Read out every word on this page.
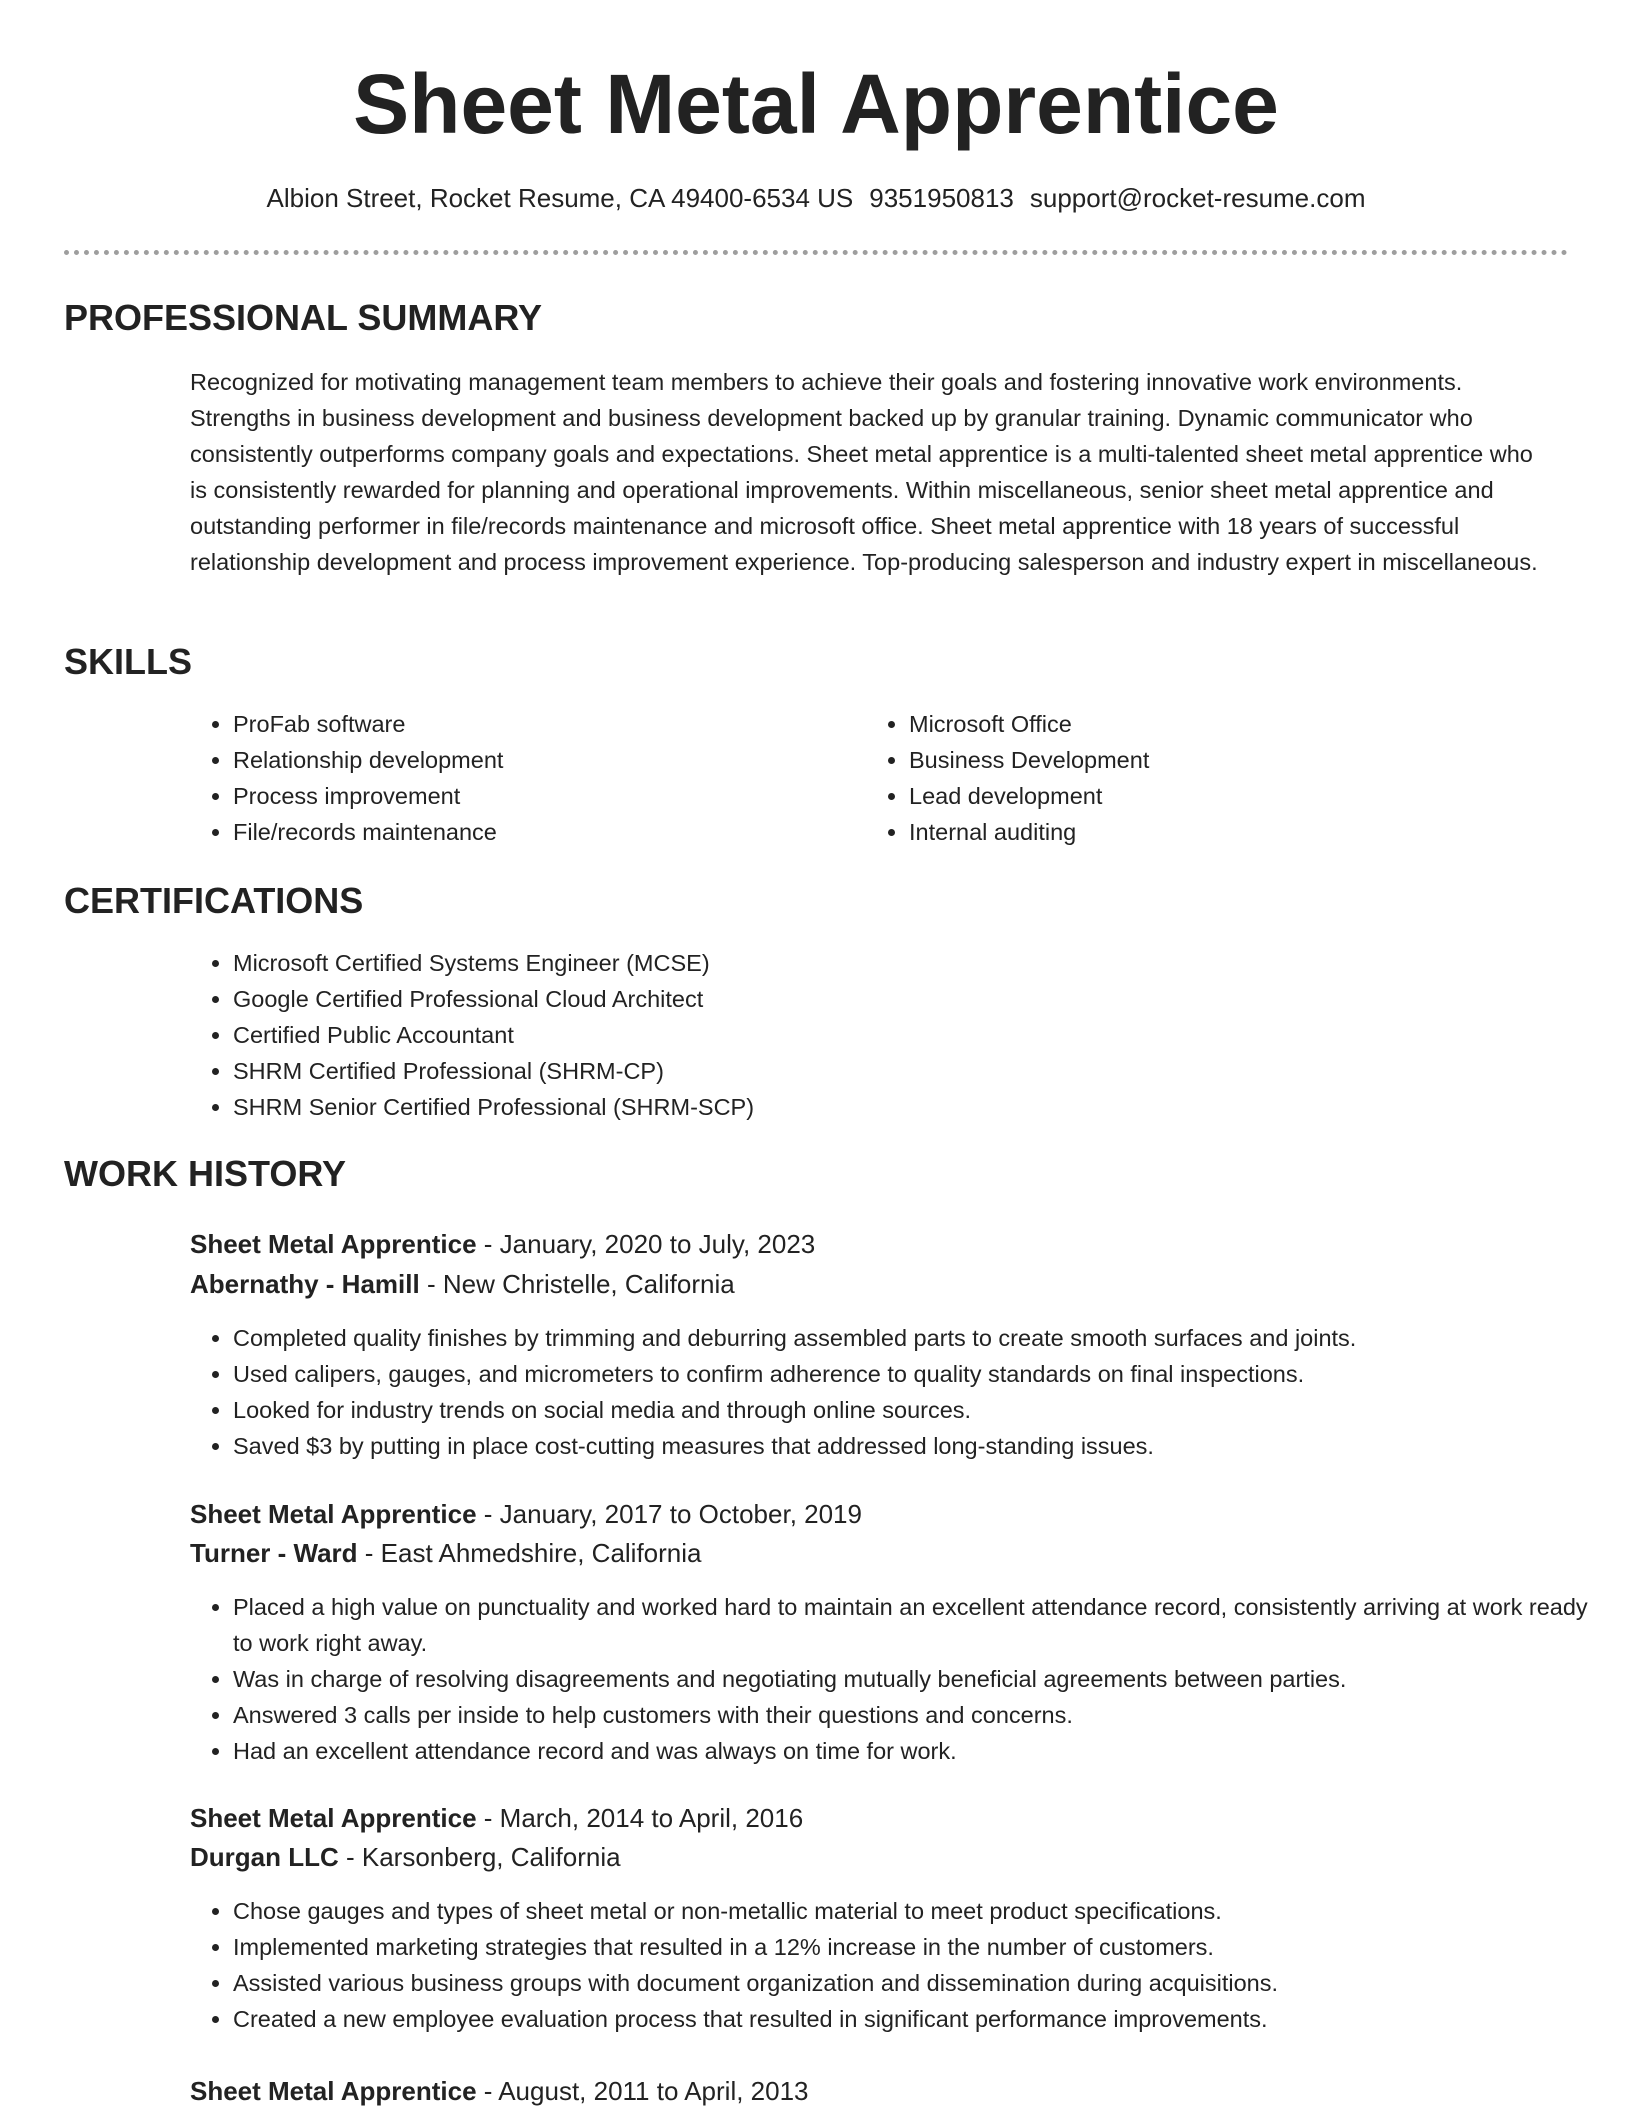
Sheet Metal Apprentice
Albion Street, Rocket Resume, CA 49400-6534 US 9351950813 support@rocket-resume.com
PROFESSIONAL SUMMARY

Recognized for motivating management team members to achieve their goals and fostering innovative work environments. Strengths in business development and business development backed up by granular training. Dynamic communicator who consistently outperforms company goals and expectations. Sheet metal apprentice is a multi-talented sheet metal apprentice who is consistently rewarded for planning and operational improvements. Within miscellaneous, senior sheet metal apprentice and outstanding performer in file/records maintenance and microsoft office. Sheet metal apprentice with 18 years of successful relationship development and process improvement experience. Top-producing salesperson and industry expert in miscellaneous.

SKILLS
• ProFab software
• Relationship development
• Process improvement
• File/records maintenance
• Microsoft Office
• Business Development
• Lead development
• Internal auditing
CERTIFICATIONS
• Microsoft Certified Systems Engineer (MCSE)
• Google Certified Professional Cloud Architect
• Certified Public Accountant
• SHRM Certified Professional (SHRM-CP)
• SHRM Senior Certified Professional (SHRM-SCP)
WORK HISTORY
Sheet Metal Apprentice - January, 2020 to July, 2023
Abernathy - Hamill - New Christelle, California
• Completed quality finishes by trimming and deburring assembled parts to create smooth surfaces and joints.
• Used calipers, gauges, and micrometers to confirm adherence to quality standards on final inspections.
• Looked for industry trends on social media and through online sources.
• Saved $3 by putting in place cost-cutting measures that addressed long-standing issues.
Sheet Metal Apprentice - January, 2017 to October, 2019
Turner - Ward - East Ahmedshire, California
• Placed a high value on punctuality and worked hard to maintain an excellent attendance record, consistently arriving at work ready to work right away.
• Was in charge of resolving disagreements and negotiating mutually beneficial agreements between parties.
• Answered 3 calls per inside to help customers with their questions and concerns.
• Had an excellent attendance record and was always on time for work.
Sheet Metal Apprentice - March, 2014 to April, 2016
Durgan LLC - Karsonberg, California
• Chose gauges and types of sheet metal or non-metallic material to meet product specifications.
• Implemented marketing strategies that resulted in a 12% increase in the number of customers.
• Assisted various business groups with document organization and dissemination during acquisitions.
• Created a new employee evaluation process that resulted in significant performance improvements.
Sheet Metal Apprentice - August, 2011 to April, 2013
